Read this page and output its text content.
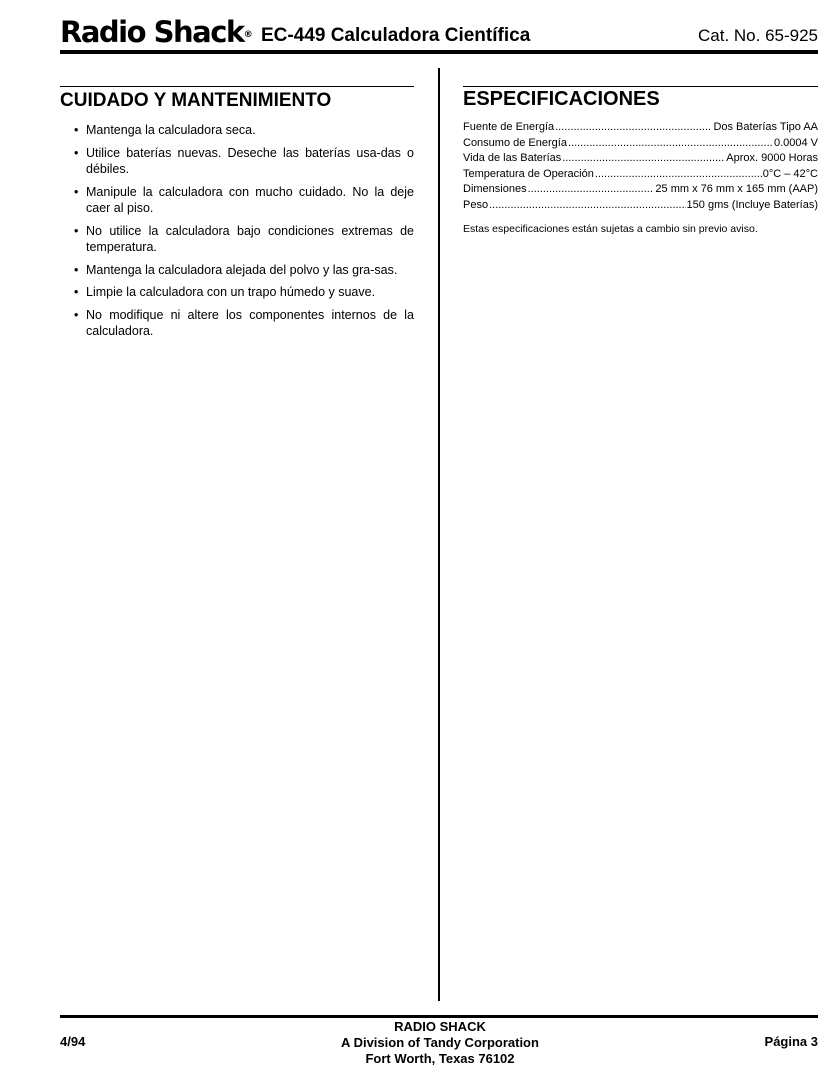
Radio Shack® EC-449 Calculadora Científica	Cat. No. 65-925
CUIDADO Y MANTENIMIENTO
• Mantenga la calculadora seca.
• Utilice baterías nuevas. Deseche las baterías usa-das o débiles.
• Manipule la calculadora con mucho cuidado. No la deje caer al piso.
• No utilice la calculadora bajo condiciones extremas de temperatura.
• Mantenga la calculadora alejada del polvo y las gra-sas.
• Limpie la calculadora con un trapo húmedo y suave.
• No modifique ni altere los componentes internos de la calculadora.
ESPECIFICACIONES
Fuente de Energía .....	Dos Baterías Tipo AA
Consumo de Energía .....	0.0004 V
Vida de las Baterías .....	Aprox. 9000 Horas
Temperatura de Operación .....	0°C – 42°C
Dimensiones .....	25 mm x 76 mm x 165 mm (AAP)
Peso .....	150 gms (Incluye Baterías)
Estas especificaciones están sujetas a cambio sin previo aviso.
4/94
RADIO SHACK
A Division of Tandy Corporation
Fort Worth, Texas 76102
Página 3
